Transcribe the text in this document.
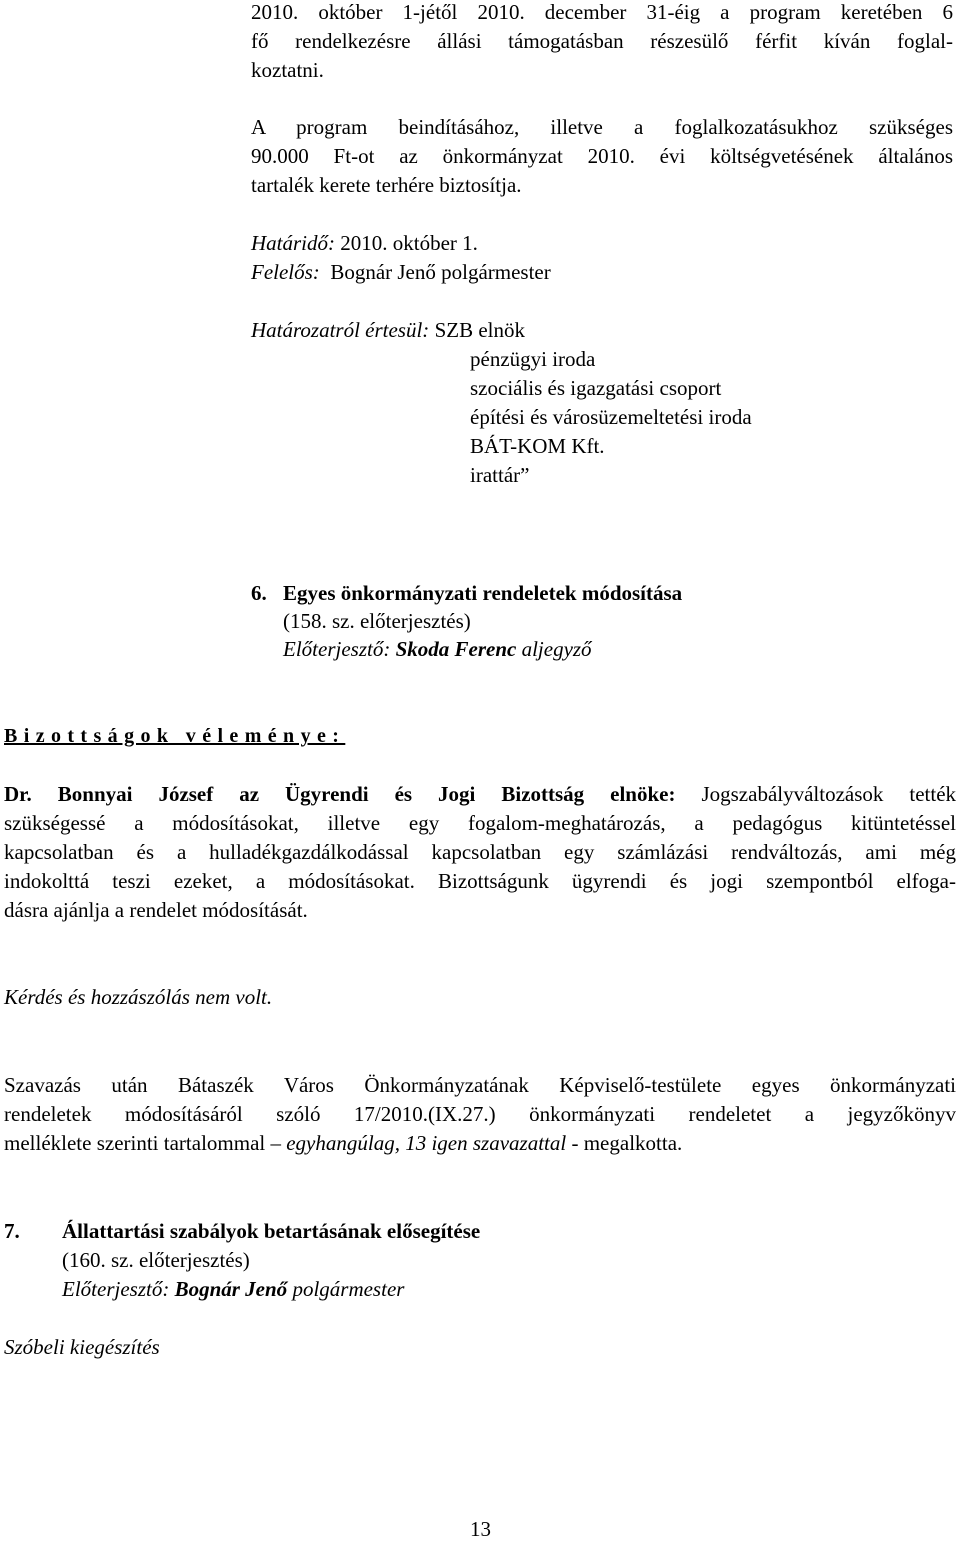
2010. október 1-jétől 2010. december 31-éig a program keretében 6
fő rendelkezésre állási támogatásban részesülő férfit kíván foglal-
koztatni.
A program beindításához, illetve a foglalkozatásukhoz szükséges
90.000 Ft-ot az önkormányzat 2010. évi költségvetésének általános
tartalék kerete terhére biztosítja.
Határidő: 2010. október 1.
Felelős: Bognár Jenő polgármester
Határozatról értesül: SZB elnök
pénzügyi iroda
szociális és igazgatási csoport
építési és városüzemeltetési iroda
BÁT-KOM Kft.
irattár”
6. Egyes önkormányzati rendeletek módosítása
(158. sz. előterjesztés)
Előterjesztő: Skoda Ferenc aljegyző
Bizottságok véleménye:
Dr. Bonnyai József az Ügyrendi és Jogi Bizottság elnöke: Jogszabályváltozások tették
szükségessé a módosításokat, illetve egy fogalom-meghatározás, a pedagógus kitüntetéssel
kapcsolatban és a hulladékgazdálkodással kapcsolatban egy számlázási rendváltozás, ami még
indokolttá teszi ezeket, a módosításokat. Bizottságunk ügyrendi és jogi szempontból elfoga-
dásra ajánlja a rendelet módosítását.
Kérdés és hozzászólás nem volt.
Szavazás után Bátaszék Város Önkormányzatának Képviselő-testülete egyes önkormányzati
rendeletek módosításáról szóló 17/2010.(IX.27.) önkormányzati rendeletet a jegyzőkönyv
melléklete szerinti tartalommal – egyhangúlag, 13 igen szavazattal - megalkotta.
7. Állattartási szabályok betartásának elősegítése
(160. sz. előterjesztés)
Előterjesztő: Bognár Jenő polgármester
Szóbeli kiegészítés
13
